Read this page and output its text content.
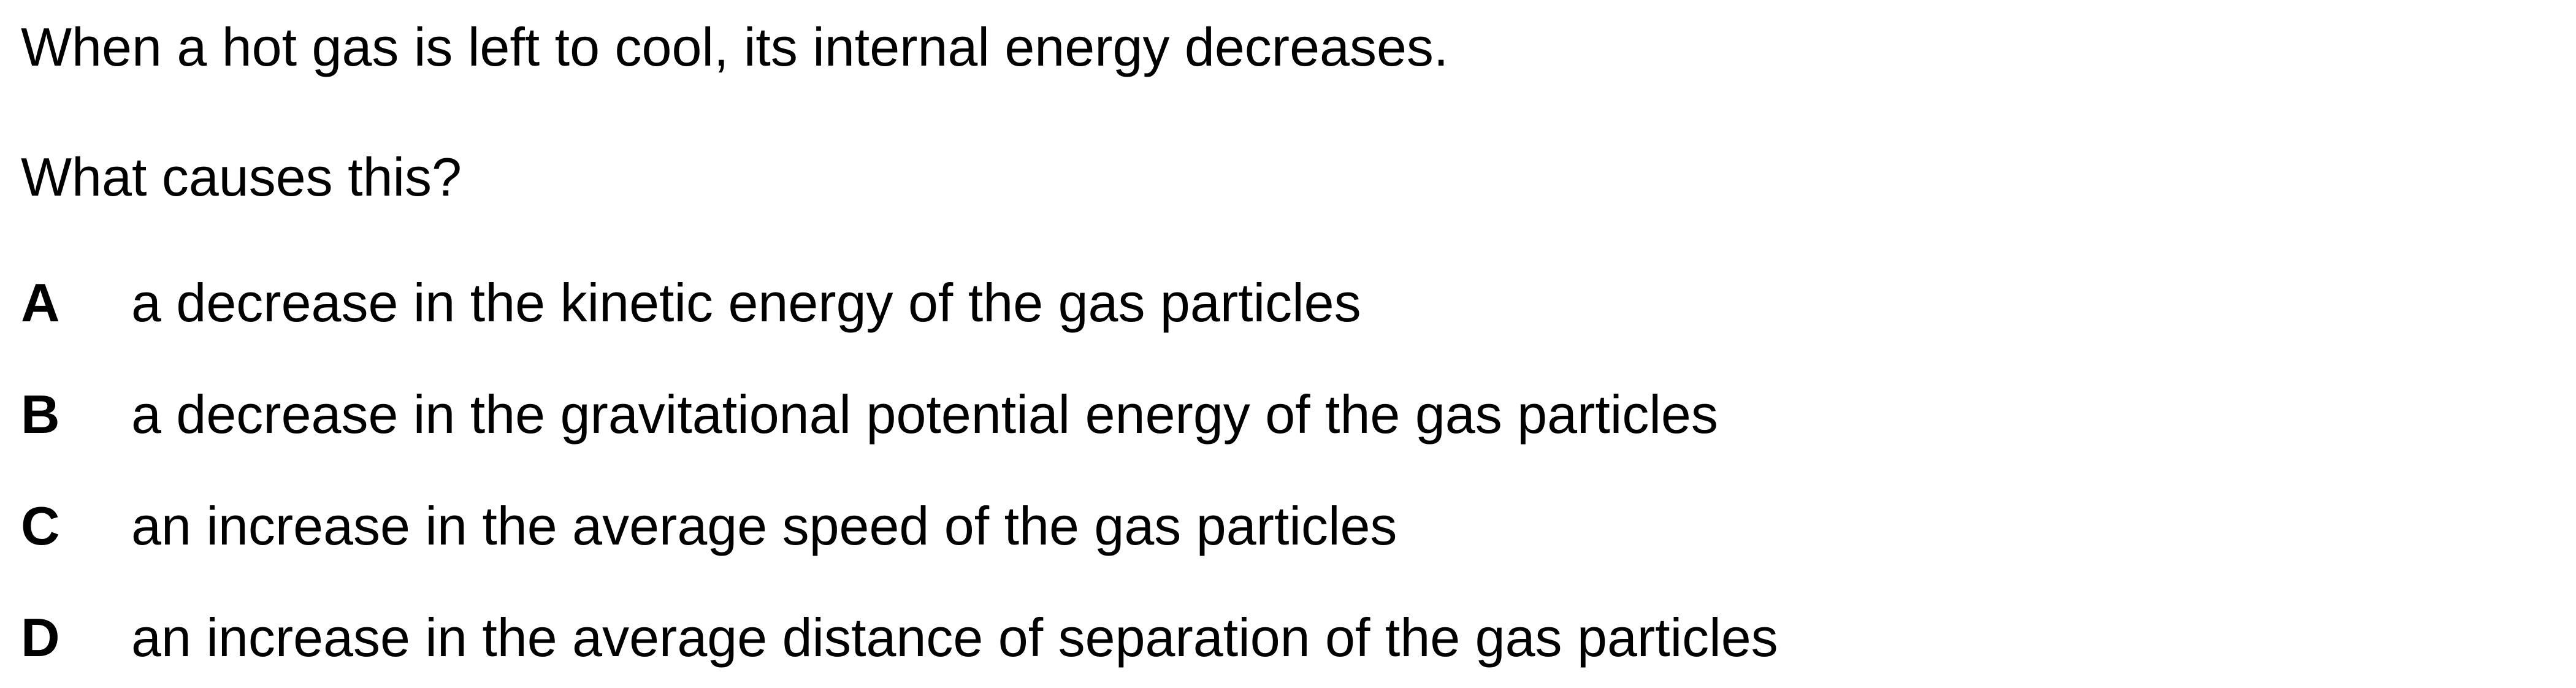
When a hot gas is left to cool, its internal energy decreases.
What causes this?
A a decrease in the kinetic energy of the gas particles
B a decrease in the gravitational potential energy of the gas particles
C an increase in the average speed of the gas particles
D an increase in the average distance of separation of the gas particles
